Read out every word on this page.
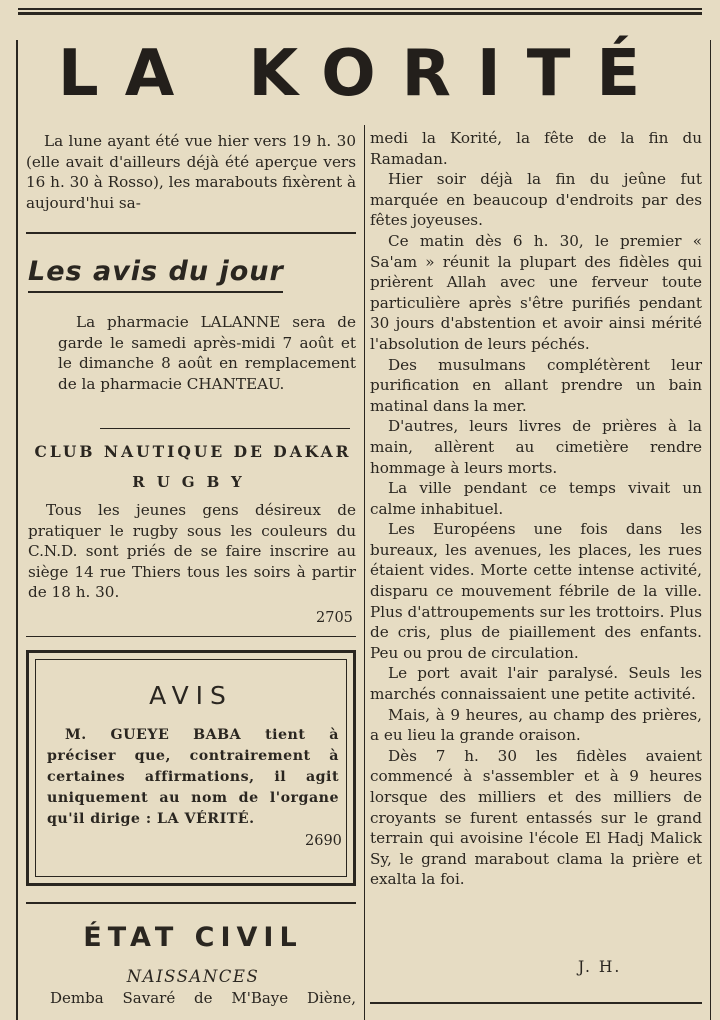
LA KORITÉ

La lune ayant été vue hier vers 19 h. 30 (elle avait d'ailleurs déjà été aperçue vers 16 h. 30 à Rosso), les marabouts fixèrent à aujourd'hui sa-

Les avis du jour

La pharmacie LALANNE sera de garde le samedi après-midi 7 août et le dimanche 8 août en remplacement de la pharmacie CHANTEAU.

CLUB NAUTIQUE DE DAKAR
RUGBY

Tous les jeunes gens désireux de pratiquer le rugby sous les couleurs du C.N.D. sont priés de se faire inscrire au siège 14 rue Thiers tous les soirs à partir de 18 h. 30.

2705
AVIS

M. GUEYE BABA tient à préciser que, contrairement à certaines affirmations, il agit uniquement au nom de l'organe qu'il dirige : LA VÉRITÉ.

2690
ÉTAT CIVIL
NAISSANCES

Demba Savaré de M'Baye Diène,

medi la Korité, la fête de la fin du Ramadan.

Hier soir déjà la fin du jeûne fut marquée en beaucoup d'endroits par des fêtes joyeuses.

Ce matin dès 6 h. 30, le premier « Sa'am » réunit la plupart des fidèles qui prièrent Allah avec une ferveur toute particulière après s'être purifiés pendant 30 jours d'abstention et avoir ainsi mérité l'absolution de leurs péchés.

Des musulmans complétèrent leur purification en allant prendre un bain matinal dans la mer.

D'autres, leurs livres de prières à la main, allèrent au cimetière rendre hommage à leurs morts.

La ville pendant ce temps vivait un calme inhabituel.

Les Européens une fois dans les bureaux, les avenues, les places, les rues étaient vides. Morte cette intense activité, disparu ce mouvement fébrile de la ville. Plus d'attroupements sur les trottoirs. Plus de cris, plus de piaillement des enfants. Peu ou prou de circulation.

Le port avait l'air paralysé. Seuls les marchés connaissaient une petite activité.

Mais, à 9 heures, au champ des prières, a eu lieu la grande oraison.

Dès 7 h. 30 les fidèles avaient commencé à s'assembler et à 9 heures lorsque des milliers et des milliers de croyants se furent entassés sur le grand terrain qui avoisine l'école El Hadj Malick Sy, le grand marabout clama la prière et exalta la foi.

J. H.
